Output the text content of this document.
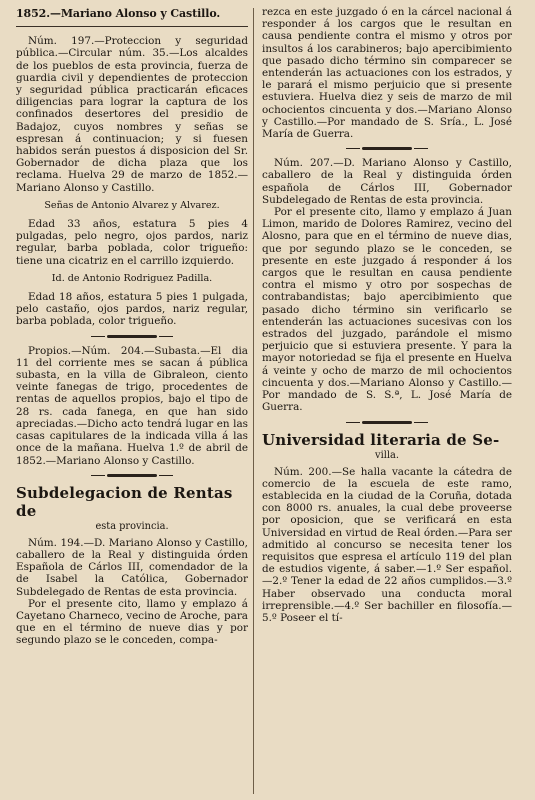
1852.—Mariano Alonso y Castillo.

Núm. 197.—Proteccion y seguridad pública.—Circular núm. 35.—Los alcaldes de los pueblos de esta provincia, fuerza de guardia civil y dependientes de proteccion y seguridad pública practicarán eficaces diligencias para lograr la captura de los confinados desertores del presidio de Badajoz, cuyos nombres y señas se espresan á continuacion; y si fuesen habidos serán puestos á disposicion del Sr. Gobernador de dicha plaza que los reclama. Huelva 29 de marzo de 1852.—Mariano Alonso y Castillo.

Señas de Antonio Alvarez y Alvarez.

Edad 33 años, estatura 5 pies 4 pulgadas, pelo negro, ojos pardos, nariz regular, barba poblada, color trigueño: tiene una cicatriz en el carrillo izquierdo.

Id. de Antonio Rodriguez Padilla.

Edad 18 años, estatura 5 pies 1 pulgada, pelo castaño, ojos pardos, nariz regular, barba poblada, color trigueño.

Propios.—Núm. 204.—Subasta.—El dia 11 del corriente mes se sacan á pública subasta, en la villa de Gibraleon, ciento veinte fanegas de trigo, procedentes de rentas de aquellos propios, bajo el tipo de 28 rs. cada fanega, en que han sido apreciadas.—Dicho acto tendrá lugar en las casas capitulares de la indicada villa á las once de la mañana. Huelva 1.º de abril de 1852.—Mariano Alonso y Castillo.

Subdelegacion de Rentas de

esta provincia.

Núm. 194.—D. Mariano Alonso y Castillo, caballero de la Real y distinguida órden Española de Cárlos III, comendador de la de Isabel la Católica, Gobernador Subdelegado de Rentas de esta provincia.

Por el presente cito, llamo y emplazo á Cayetano Charneco, vecino de Aroche, para que en el término de nueve dias y por segundo plazo se le conceden, compa-

rezca en este juzgado ó en la cárcel nacional á responder á los cargos que le resultan en causa pendiente contra el mismo y otros por insultos á los carabineros; bajo apercibimiento que pasado dicho término sin comparecer se entenderán las actuaciones con los estrados, y le parará el mismo perjuicio que si presente estuviera. Huelva diez y seis de marzo de mil ochocientos cincuenta y dos.—Mariano Alonso y Castillo.—Por mandado de S. Sría., L. José María de Guerra.

Núm. 207.—D. Mariano Alonso y Castillo, caballero de la Real y distinguida órden española de Cárlos III, Gobernador Subdelegado de Rentas de esta provincia.

Por el presente cito, llamo y emplazo á Juan Limon, marido de Dolores Ramirez, vecino del Alosno, para que en el término de nueve dias, que por segundo plazo se le conceden, se presente en este juzgado á responder á los cargos que le resultan en causa pendiente contra el mismo y otro por sospechas de contrabandistas; bajo apercibimiento que pasado dicho término sin verificarlo se entenderán las actuaciones sucesivas con los estrados del juzgado, parándole el mismo perjuicio que si estuviera presente. Y para la mayor notoriedad se fija el presente en Huelva á veinte y ocho de marzo de mil ochocientos cincuenta y dos.—Mariano Alonso y Castillo.—Por mandado de S. S.ª, L. José María de Guerra.

Universidad literaria de Se-

villa.

Núm. 200.—Se halla vacante la cátedra de comercio de la escuela de este ramo, establecida en la ciudad de la Coruña, dotada con 8000 rs. anuales, la cual debe proveerse por oposicion, que se verificará en esta Universidad en virtud de Real órden.—Para ser admitido al concurso se necesita tener los requisitos que espresa el artículo 119 del plan de estudios vigente, á saber.—1.º Ser español. —2.º Tener la edad de 22 años cumplidos.—3.º Haber observado una conducta moral irreprensible.—4.º Ser bachiller en filosofía.—5.º Poseer el tí-
